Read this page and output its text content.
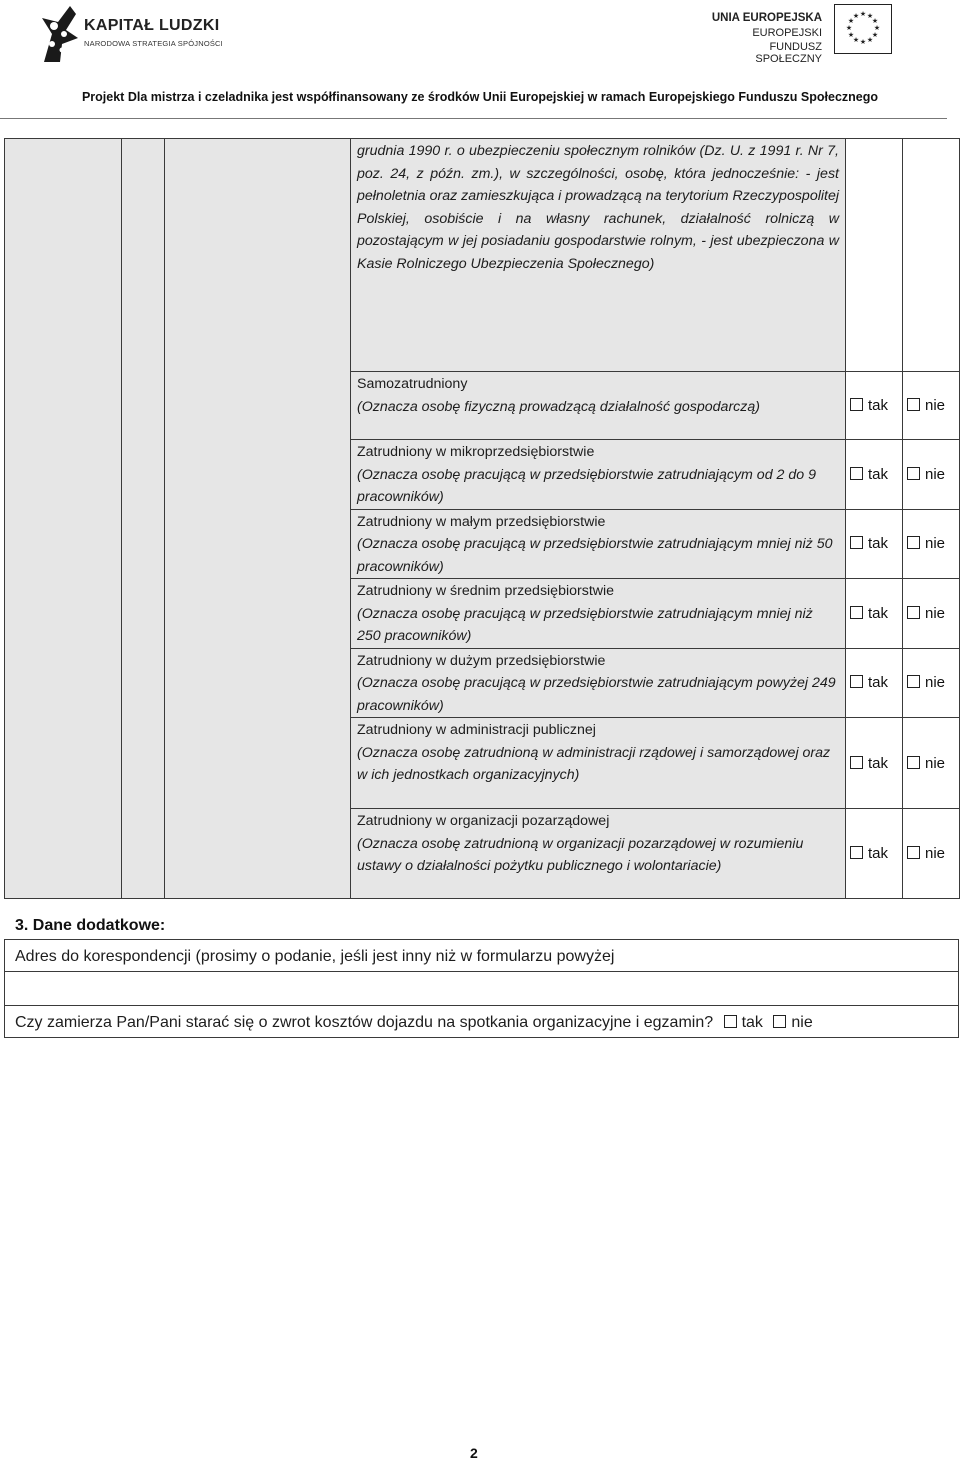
KAPITAŁ LUDZKI
NARODOWA STRATEGIA SPÓJNOŚCI
UNIA EUROPEJSKA
EUROPEJSKI
FUNDUSZ SPOŁECZNY
★ ★
★
★
★
★
★
★
★
★
★
★
Projekt Dla mistrza i czeladnika jest współfinansowany ze środków Unii Europejskiej w ramach Europejskiego Funduszu Społecznego

			grudnia 1990 r. o ubezpieczeniu społecznym rolników (Dz. U. z 1991 r. Nr 7, poz. 24, z późn. zm.), w szczególności, osobę, która jednocześnie: - jest pełnoletnia oraz zamieszkująca i prowadzącą na terytorium Rzeczypospolitej Polskiej, osobiście i na własny rachunek, działalność rolniczą w pozostającym w jej posiadaniu gospodarstwie rolnym, - jest ubezpieczona w Kasie Rolniczego Ubezpieczenia Społecznego)		

			Samozatrudniony
(Oznacza osobę fizyczną prowadzącą działalność gospodarczą)	tak	nie

			Zatrudniony w mikroprzedsiębiorstwie
(Oznacza osobę pracującą w przedsiębiorstwie zatrudniającym od 2 do 9 pracowników)	tak	nie

			Zatrudniony w małym przedsiębiorstwie
(Oznacza osobę pracującą w przedsiębiorstwie zatrudniającym mniej niż 50 pracowników)	tak	nie

			Zatrudniony w średnim przedsiębiorstwie
(Oznacza osobę pracującą w przedsiębiorstwie zatrudniającym mniej niż 250 pracowników)	tak	nie

			Zatrudniony w dużym przedsiębiorstwie
(Oznacza osobę pracującą w przedsiębiorstwie zatrudniającym powyżej 249 pracowników)	tak	nie

			Zatrudniony w administracji publicznej
(Oznacza osobę zatrudnioną w administracji rządowej i samorządowej oraz w ich jednostkach organizacyjnych)	tak	nie

			Zatrudniony w organizacji pozarządowej
(Oznacza osobę zatrudnioną w organizacji pozarządowej w rozumieniu ustawy o działalności pożytku publicznego i wolontariacie)	tak	nie
3. Dane dodatkowe:
Adres do korespondencji (prosimy o podanie, jeśli jest inny niż w formularzu powyżej

Czy zamierza Pan/Pani starać się o zwrot kosztów dojazdu na spotkania organizacyjne i egzamin? tak nie
2
